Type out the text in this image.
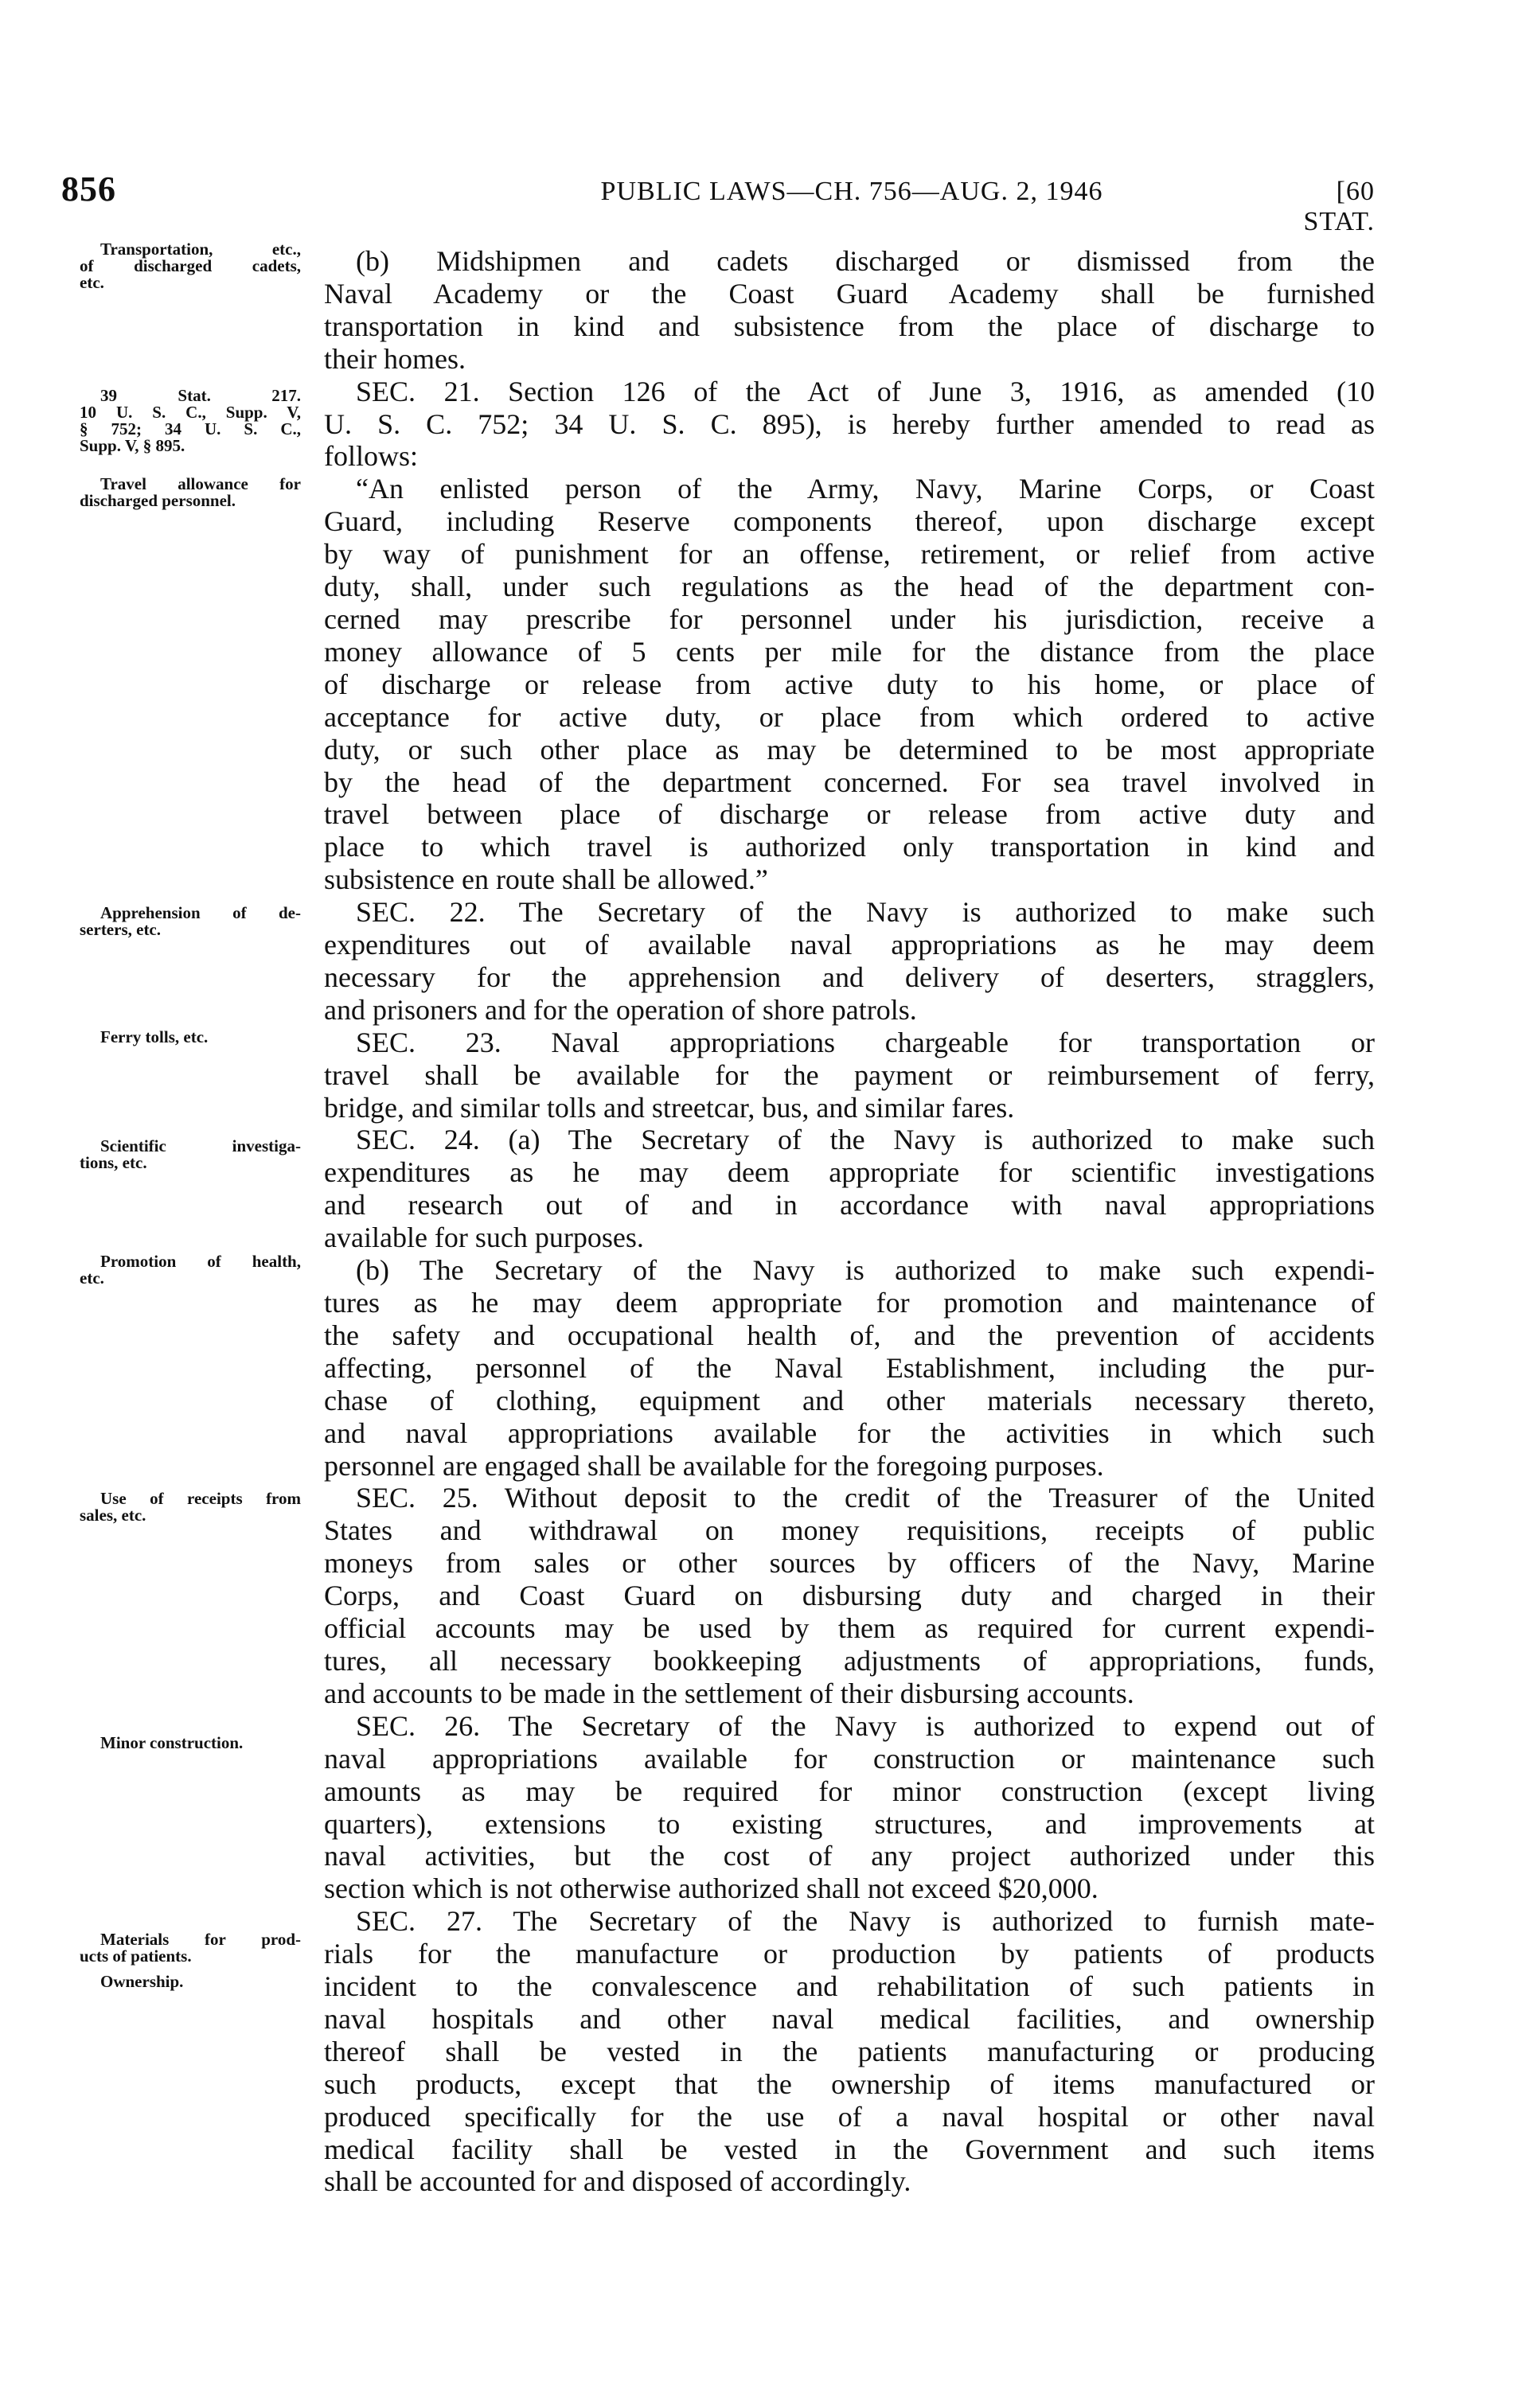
856	PUBLIC LAWS—CH. 756—AUG. 2, 1946	[60 STAT.
Transportation, etc.,
of discharged cadets,
etc.
39 Stat. 217.
10 U. S. C., Supp. V,
§ 752; 34 U. S. C.,
Supp. V, § 895.
Travel allowance for
discharged personnel.
Apprehension of de-
serters, etc.
Ferry tolls, etc.
Scientific investiga-
tions, etc.
Promotion of health,
etc.
Use of receipts from
sales, etc.
Minor construction.
Materials for prod-
ucts of patients.
Ownership.
(b) Midshipmen and cadets discharged or dismissed from the
Naval Academy or the Coast Guard Academy shall be furnished
transportation in kind and subsistence from the place of discharge to
their homes.
SEC. 21. Section 126 of the Act of June 3, 1916, as amended (10
U. S. C. 752; 34 U. S. C. 895), is hereby further amended to read as
follows:
“An enlisted person of the Army, Navy, Marine Corps, or Coast
Guard, including Reserve components thereof, upon discharge except
by way of punishment for an offense, retirement, or relief from active
duty, shall, under such regulations as the head of the department con-
cerned may prescribe for personnel under his jurisdiction, receive a
money allowance of 5 cents per mile for the distance from the place
of discharge or release from active duty to his home, or place of
acceptance for active duty, or place from which ordered to active
duty, or such other place as may be determined to be most appropriate
by the head of the department concerned. For sea travel involved in
travel between place of discharge or release from active duty and
place to which travel is authorized only transportation in kind and
subsistence en route shall be allowed.”
SEC. 22. The Secretary of the Navy is authorized to make such
expenditures out of available naval appropriations as he may deem
necessary for the apprehension and delivery of deserters, stragglers,
and prisoners and for the operation of shore patrols.
SEC. 23. Naval appropriations chargeable for transportation or
travel shall be available for the payment or reimbursement of ferry,
bridge, and similar tolls and streetcar, bus, and similar fares.
SEC. 24. (a) The Secretary of the Navy is authorized to make such
expenditures as he may deem appropriate for scientific investigations
and research out of and in accordance with naval appropriations
available for such purposes.
(b) The Secretary of the Navy is authorized to make such expendi-
tures as he may deem appropriate for promotion and maintenance of
the safety and occupational health of, and the prevention of accidents
affecting, personnel of the Naval Establishment, including the pur-
chase of clothing, equipment and other materials necessary thereto,
and naval appropriations available for the activities in which such
personnel are engaged shall be available for the foregoing purposes.
SEC. 25. Without deposit to the credit of the Treasurer of the United
States and withdrawal on money requisitions, receipts of public
moneys from sales or other sources by officers of the Navy, Marine
Corps, and Coast Guard on disbursing duty and charged in their
official accounts may be used by them as required for current expendi-
tures, all necessary bookkeeping adjustments of appropriations, funds,
and accounts to be made in the settlement of their disbursing accounts.
SEC. 26. The Secretary of the Navy is authorized to expend out of
naval appropriations available for construction or maintenance such
amounts as may be required for minor construction (except living
quarters), extensions to existing structures, and improvements at
naval activities, but the cost of any project authorized under this
section which is not otherwise authorized shall not exceed $20,000.
SEC. 27. The Secretary of the Navy is authorized to furnish mate-
rials for the manufacture or production by patients of products
incident to the convalescence and rehabilitation of such patients in
naval hospitals and other naval medical facilities, and ownership
thereof shall be vested in the patients manufacturing or producing
such products, except that the ownership of items manufactured or
produced specifically for the use of a naval hospital or other naval
medical facility shall be vested in the Government and such items
shall be accounted for and disposed of accordingly.
